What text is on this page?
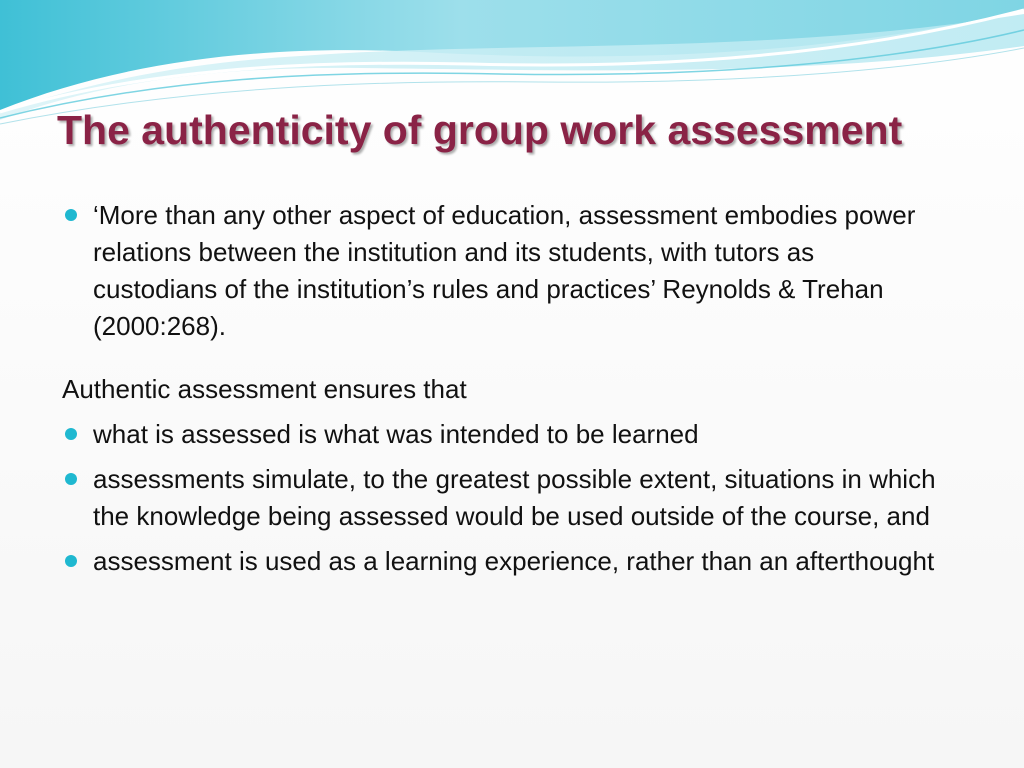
The authenticity of group work assessment

‘More than any other aspect of education, assessment embodies power relations between the institution and its students, with tutors as custodians of the institution’s rules and practices’ Reynolds & Trehan (2000:268).

Authentic assessment ensures that

what is assessed is what was intended to be learned

assessments simulate, to the greatest possible extent, situations in which the knowledge being assessed would be used outside of the course, and

assessment is used as a learning experience, rather than an afterthought
